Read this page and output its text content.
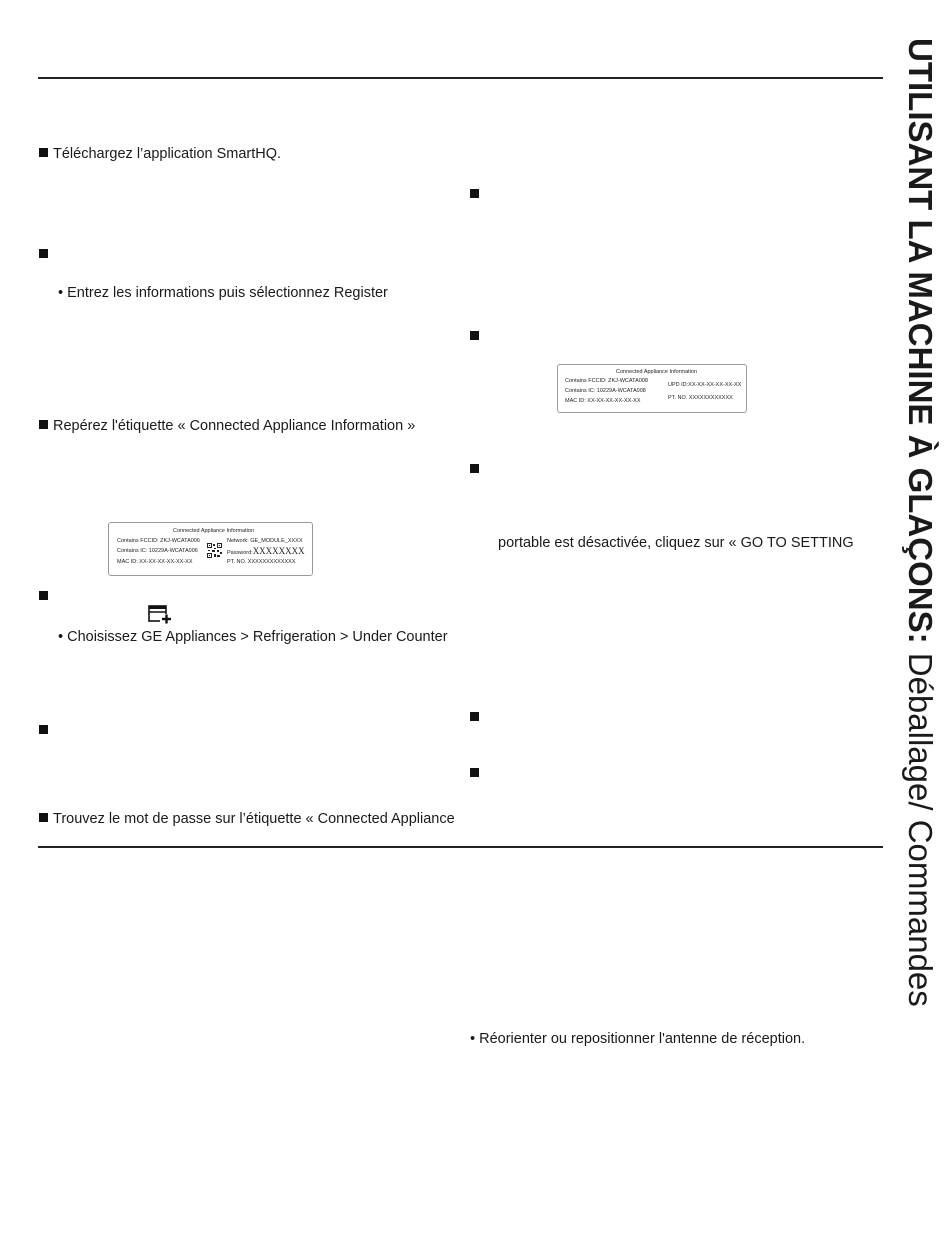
Téléchargez l’application SmartHQ.
• Entrez les informations puis sélectionnez Register
Repérez l'étiquette « Connected Appliance Information »
Connected Appliance Information
Contains FCCID: ZKJ-WCATA006
Contains IC: 10229A-WCATA006
MAC ID: XX-XX-XX-XX-XX-XX
Network: GE_MODULE_XXXX
Password:XXXXXXXX
PT. NO. XXXXXXXXXXXXX
• Choisissez GE Appliances > Refrigeration > Under Counter
Trouvez le mot de passe sur l’étiquette « Connected Appliance
Connected Appliance Information
Contains FCCID: ZKJ-WCATA008
Contains IC: 10229A-WCATA008
MAC ID: XX-XX-XX-XX-XX-XX
UPD ID:XX-XX-XX-XX-XX-XX
PT. NO. XXXXXXXXXXXX
portable est désactivée, cliquez sur « GO TO SETTING
• Réorienter ou repositionner l'antenne de réception.
UTILISANT LA MACHINE À GLAÇONS: Déballage/ Commandes
